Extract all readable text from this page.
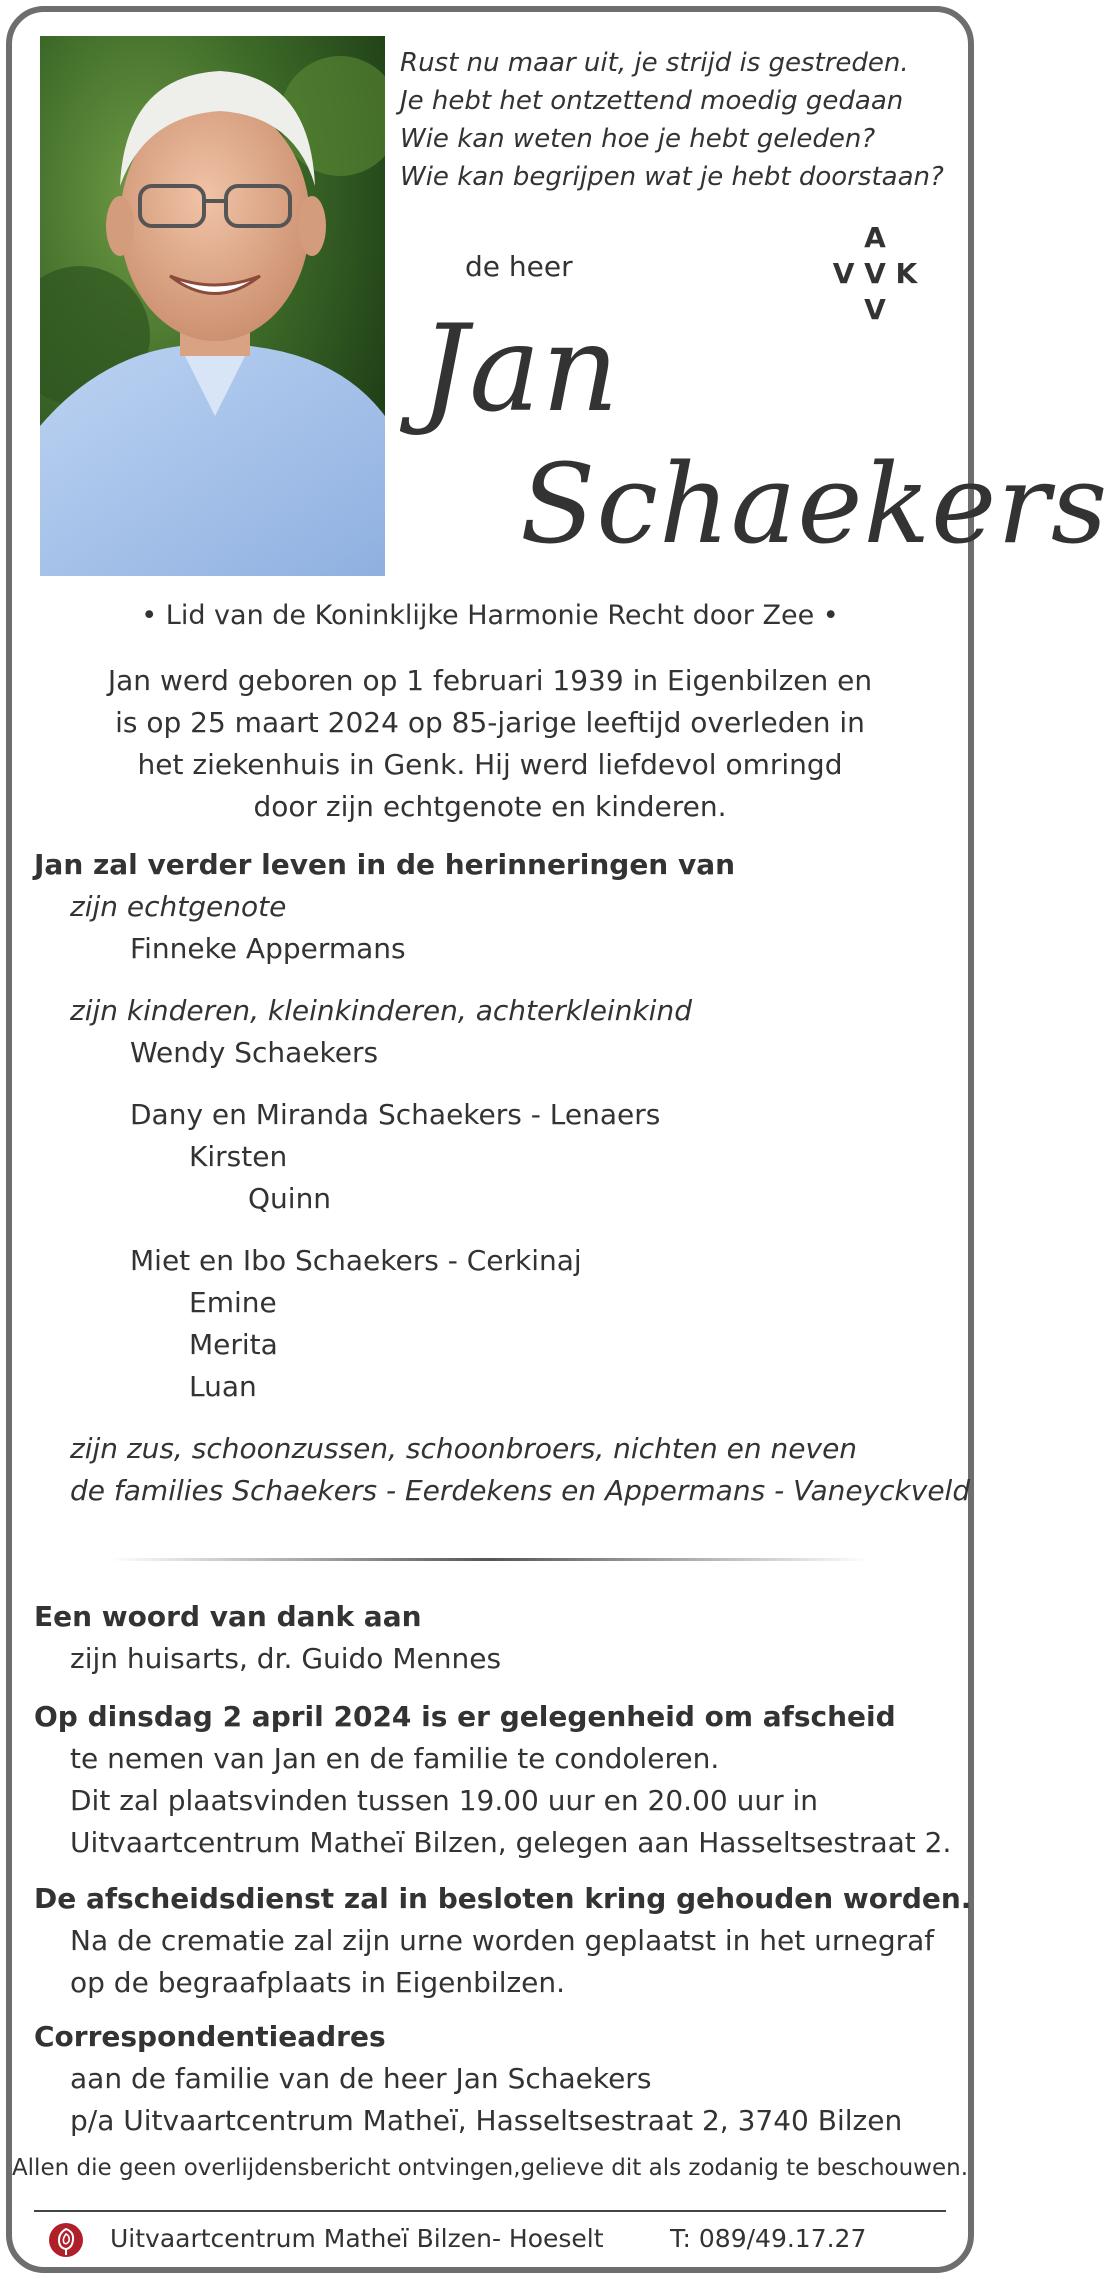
Rust nu maar uit, je strijd is gestreden.
Je hebt het ontzettend moedig gedaan
Wie kan weten hoe je hebt geleden?
Wie kan begrijpen wat je hebt doorstaan?
de heer
A
V V K
V
Jan
Schaekers
• Lid van de Koninklijke Harmonie Recht door Zee •
Jan werd geboren op 1 februari 1939 in Eigenbilzen en
is op 25 maart 2024 op 85-jarige leeftijd overleden in
het ziekenhuis in Genk. Hij werd liefdevol omringd
door zijn echtgenote en kinderen.
Jan zal verder leven in de herinneringen van
zijn echtgenote
Finneke Appermans
zijn kinderen, kleinkinderen, achterkleinkind
Wendy Schaekers
Dany en Miranda Schaekers - Lenaers
Kirsten
Quinn
Miet en Ibo Schaekers - Cerkinaj
Emine
Merita
Luan
zijn zus, schoonzussen, schoonbroers, nichten en neven
de families Schaekers - Eerdekens en Appermans - Vaneyckveld
Een woord van dank aan
zijn huisarts, dr. Guido Mennes
Op dinsdag 2 april 2024 is er gelegenheid om afscheid
te nemen van Jan en de familie te condoleren.
Dit zal plaatsvinden tussen 19.00 uur en 20.00 uur in
Uitvaartcentrum Matheï Bilzen, gelegen aan Hasseltsestraat 2.
De afscheidsdienst zal in besloten kring gehouden worden.
Na de crematie zal zijn urne worden geplaatst in het urnegraf
op de begraafplaats in Eigenbilzen.
Correspondentieadres
aan de familie van de heer Jan Schaekers
p/a Uitvaartcentrum Matheï, Hasseltsestraat 2, 3740 Bilzen
Allen die geen overlijdensbericht ontvingen,gelieve dit als zodanig te beschouwen.
Uitvaartcentrum Matheï Bilzen- Hoeselt	T: 089/49.17.27
